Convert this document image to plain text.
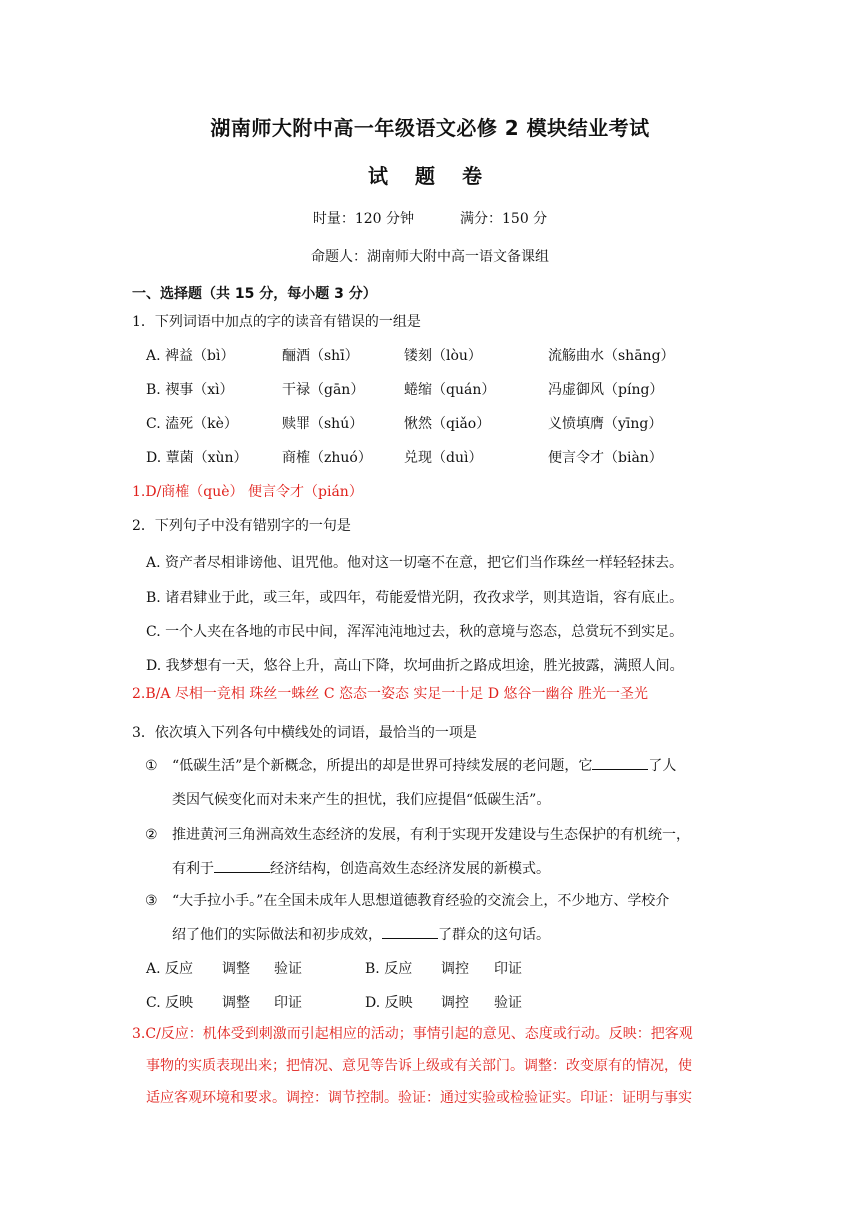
湖南师大附中高一年级语文必修 2 模块结业考试
试 题 卷
时量：120 分钟	满分：150 分
命题人：湖南师大附中高一语文备课组
一、选择题（共 15 分，每小题 3 分）
1．下列词语中加点的字的读音有错误的一组是
A. 裨益（bì）	酾酒（shī）	镂刻（lòu）	流觞曲水（shāng）
B. 禊事（xì）	干禄（gān）	蜷缩（quán）	冯虚御风（píng）
C. 溘死（kè）	赎罪（shú）	愀然（qiǎo）	义愤填膺（yīng）
D. 蕈菌（xùn） 商榷（zhuó） 兑现（duì）	便言令才（biàn）
1.D/商榷（què） 便言令才（pián）
2．下列句子中没有错别字的一句是
A. 资产者尽相诽谤他、诅咒他。他对这一切毫不在意，把它们当作珠丝一样轻轻抹去。
B. 诸君肄业于此，或三年，或四年，苟能爱惜光阴，孜孜求学，则其造诣，容有底止。
C. 一个人夹在各地的市民中间，浑浑沌沌地过去，秋的意境与恣态，总赏玩不到实足。
D. 我梦想有一天，悠谷上升，高山下降，坎坷曲折之路成坦途，胜光披露，满照人间。
2.B/A 尽相一竞相 珠丝一蛛丝 C 恣态一姿态 实足一十足 D 悠谷一幽谷 胜光一圣光
3．依次填入下列各句中横线处的词语，最恰当的一项是
①	“低碳生活”是个新概念，所提出的却是世界可持续发展的老问题，它	了人
类因气候变化而对未来产生的担忧，我们应提倡“低碳生活”。
②	推进黄河三角洲高效生态经济的发展，有利于实现开发建设与生态保护的有机统一，
有利于	经济结构，创造高效生态经济发展的新模式。
③	“大手拉小手。”在全国未成年人思想道德教育经验的交流会上，不少地方、学校介
绍了他们的实际做法和初步成效，	了群众的这句话。
A. 反应 调整 验证	B. 反应 调控 印证
C. 反映 调整 印证	D. 反映 调控 验证
3.C/反应：机体受到刺激而引起相应的活动；事情引起的意见、态度或行动。反映：把客观
事物的实质表现出来；把情况、意见等告诉上级或有关部门。调整：改变原有的情况，使
适应客观环境和要求。调控：调节控制。验证：通过实验或检验证实。印证：证明与事实
